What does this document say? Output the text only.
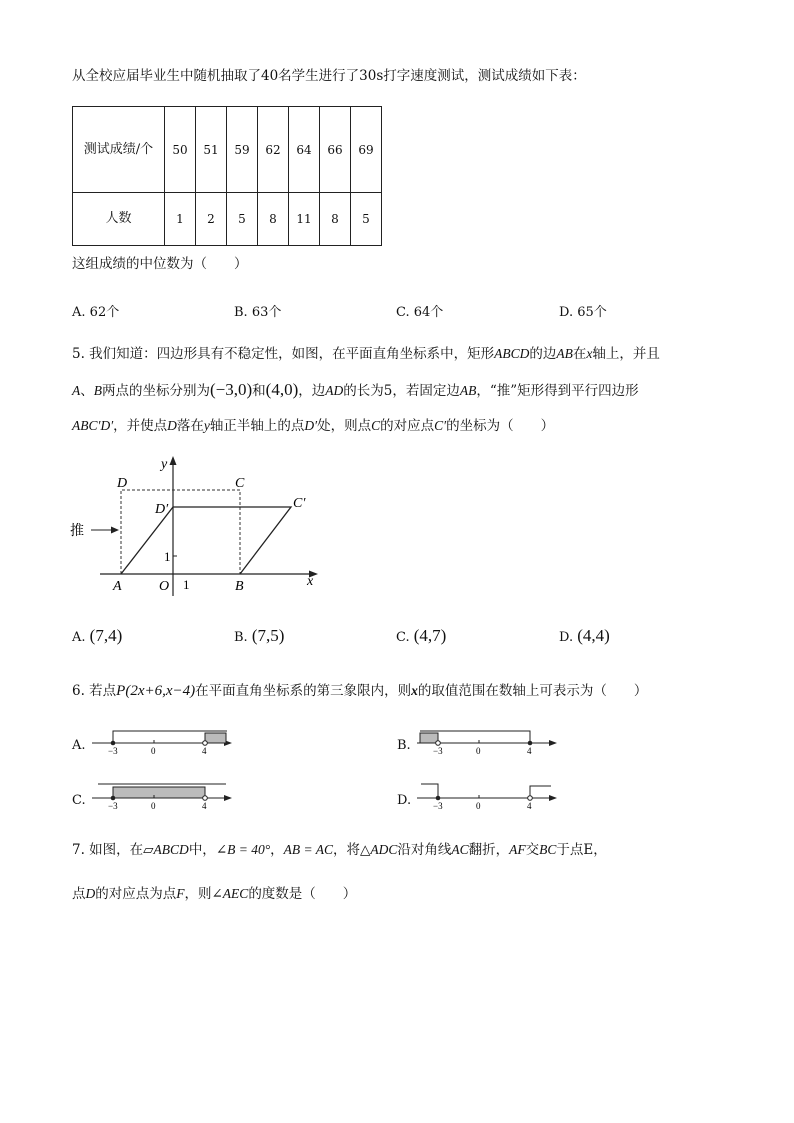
从全校应届毕业生中随机抽取了40名学生进行了30s打字速度测试，测试成绩如下表：
测试成绩/个	50	51	59	62	64	66	69
人数	1	2	5	8	11	8	5
这组成绩的中位数为（　　）
A. 62个	B. 63个	C. 64个	D. 65个
5. 我们知道：四边形具有不稳定性，如图，在平面直角坐标系中，矩形ABCD的边AB在x轴上，并且
A、B两点的坐标分别为(−3,0)和(4,0)，边AD的长为5，若固定边AB，“推”矩形得到平行四边形
ABC′D′，并使点D落在y轴正半轴上的点D′处，则点C的对应点C′的坐标为（　　）
推
D	C
D′	C′
A	O	B	x
y
1
1
A. (7,4)	B. (7,5)	C. (4,7)	D. (4,4)
6. 若点P(2x+6,x−4)在平面直角坐标系的第三象限内，则x的取值范围在数轴上可表示为（　　）
A. −3	0	4	B. −3	0	4
C. −3	0	4	D. −3	0	4
7. 如图，在▱ABCD中，∠B = 40°，AB = AC，将△ADC沿对角线AC翻折，AF交BC于点E，
点D的对应点为点F，则∠AEC的度数是（　　）
